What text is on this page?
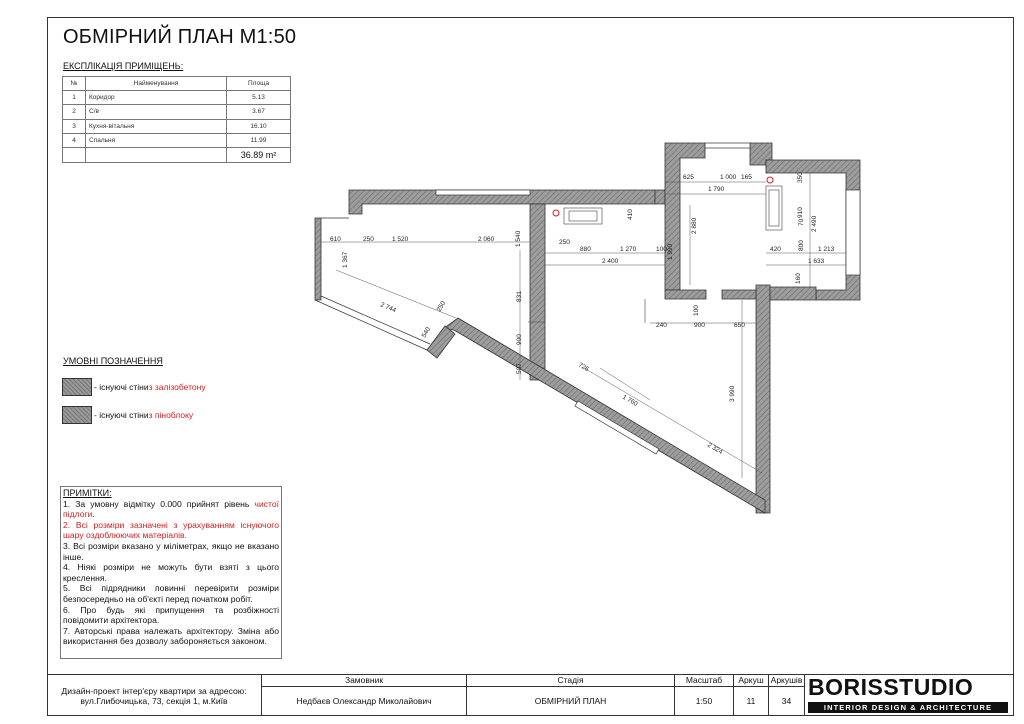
ОБМІРНИЙ ПЛАН М1:50
ЕКСПЛІКАЦІЯ ПРИМІЩЕНЬ:
№	Найменування	Площа
1	Коридор	5.13
2	С/в	3.67
3	Кухня-вітальня	16.10
4	Спальня	11.99
		36.89 m²
УМОВНІ ПОЗНАЧЕННЯ
- існуючі стіни з залізобетону
- існуючі стіни з піноблоку
ПРИМІТКИ:

1. За умовну відмітку 0.000 прийнят рівень чистої підлоги.

2. Всі розміри зазначені з урахуванням існуючого шару оздоблюючих матеріалів.

3. Всі розміри вказано у міліметрах, якщо не вказано інше.

4. Ніякі розміри не можуть бути взяті з цього креслення.

5. Всі підрядники повинні перевірити розміри безпосередньо на об'єкті перед початком робіт.

6. Про будь які припущення та розбіжності повідомити архітектора.

7. Авторські права належать архітектору. Зміна або використання без дозволу забороняється законом.

625	1 000 165
1 790
350
910
2 490
2 880
410
610	250	1 520	2 060	1 540	250
880	1 270	100 1 990
2 400
420	800 1 213
1 633
160
70
1 367
2 744	250
540
831
900
507	726
1 760
2 324
3 990
240	900	650
100
Дизайн-проект інтер'єру квартири за адресою: вул.Глибочицька, 73, секція 1, м.Київ
Замовник
Недбаєв Олександр Миколайович
Стадія
ОБМІРНИЙ ПЛАН
Масштаб
1:50
Аркуш
11
Аркушів
34
BORISSTUDIO
INTERIOR DESIGN & ARCHITECTURE
